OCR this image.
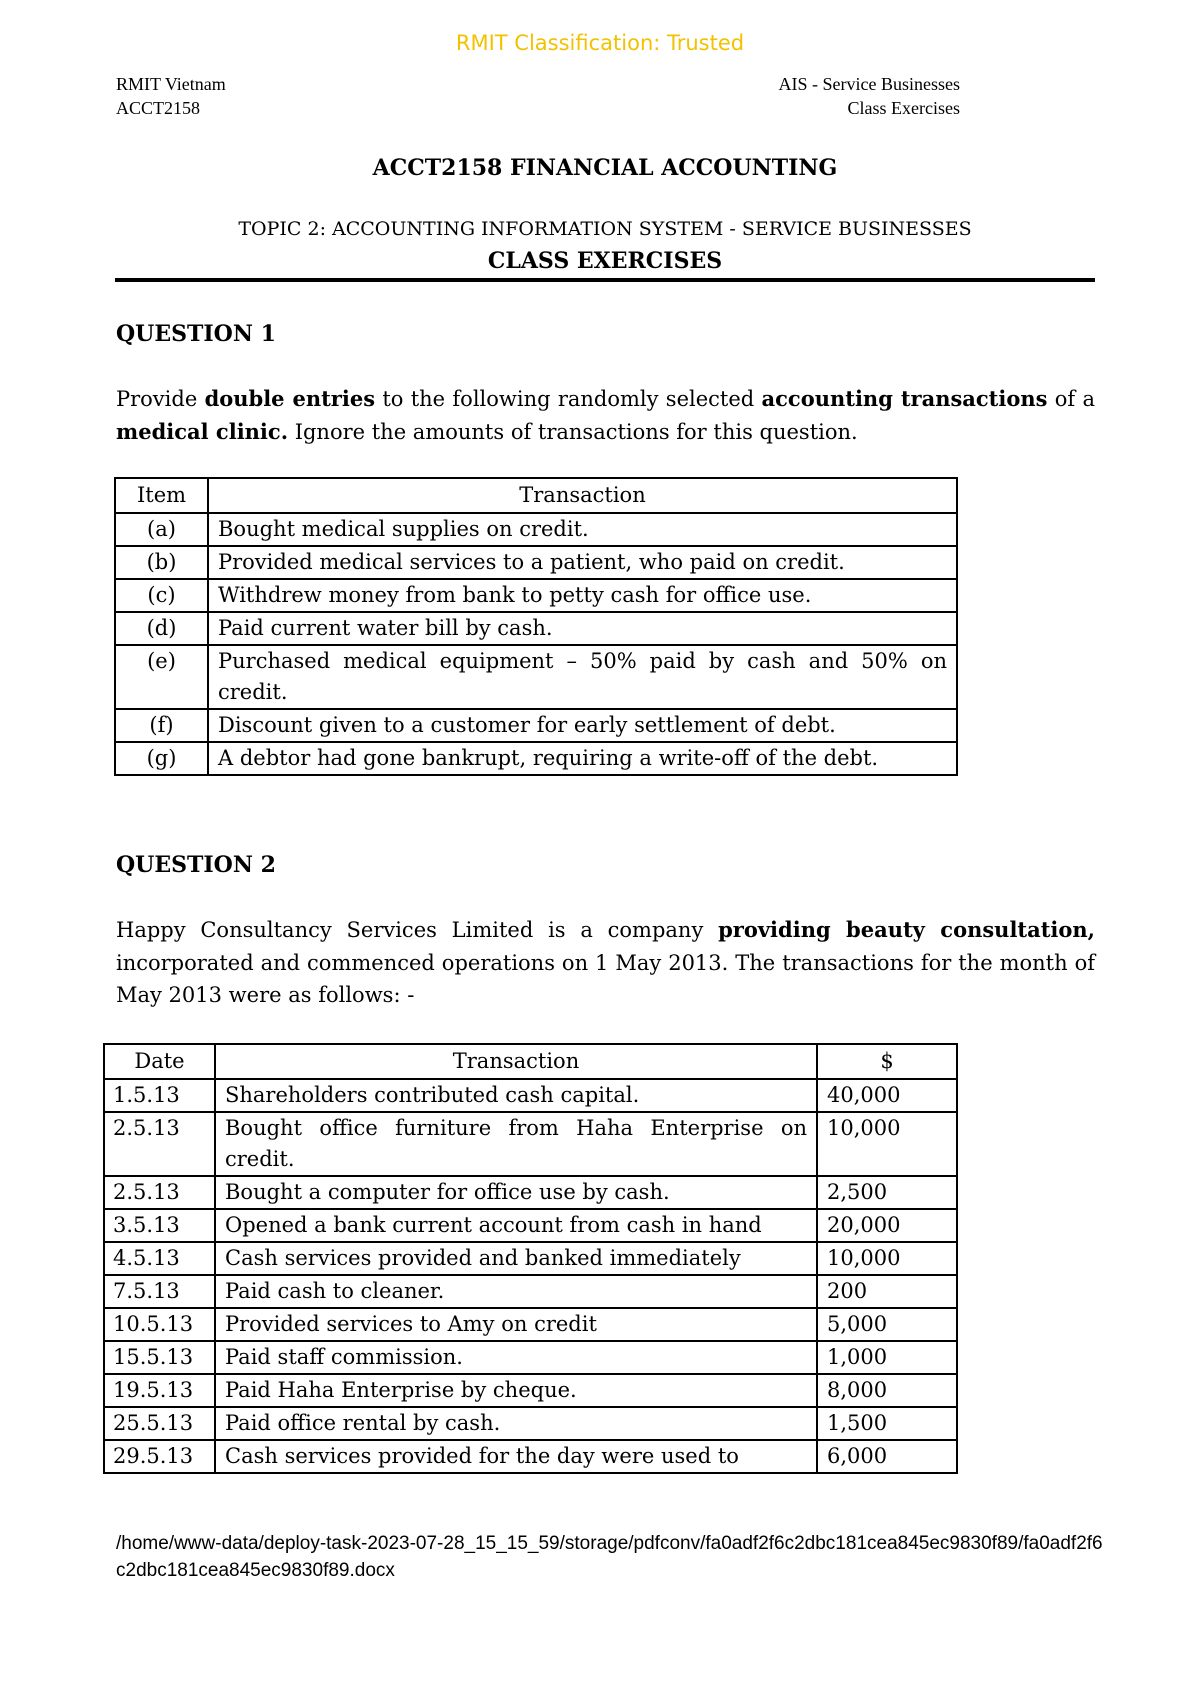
RMIT Classification: Trusted
RMIT Vietnam
ACCT2158
AIS - Service Businesses
Class Exercises
ACCT2158 FINANCIAL ACCOUNTING
TOPIC 2: ACCOUNTING INFORMATION SYSTEM - SERVICE BUSINESSES
CLASS EXERCISES
QUESTION 1
Provide double entries to the following randomly selected accounting transactions of a medical clinic. Ignore the amounts of transactions for this question.
Item	Transaction
(a)	Bought medical supplies on credit.
(b)	Provided medical services to a patient, who paid on credit.
(c)	Withdrew money from bank to petty cash for office use.
(d)	Paid current water bill by cash.
(e)	Purchased medical equipment – 50% paid by cash and 50% on credit.
(f)	Discount given to a customer for early settlement of debt.
(g)	A debtor had gone bankrupt, requiring a write-off of the debt.
QUESTION 2
Happy Consultancy Services Limited is a company providing beauty consultation, incorporated and commenced operations on 1 May 2013. The transactions for the month of May 2013 were as follows: -
Date	Transaction	$
1.5.13	Shareholders contributed cash capital.	40,000
2.5.13	Bought office furniture from Haha Enterprise on credit.	10,000
2.5.13	Bought a computer for office use by cash.	2,500
3.5.13	Opened a bank current account from cash in hand	20,000
4.5.13	Cash services provided and banked immediately	10,000
7.5.13	Paid cash to cleaner.	200
10.5.13	Provided services to Amy on credit	5,000
15.5.13	Paid staff commission.	1,000
19.5.13	Paid Haha Enterprise by cheque.	8,000
25.5.13	Paid office rental by cash.	1,500
29.5.13	Cash services provided for the day were used to	6,000
/home/www-data/deploy-task-2023-07-28_15_15_59/storage/pdfconv/fa0adf2f6c2dbc181cea845ec9830f89/fa0adf2f6c2dbc181cea845ec9830f89.docx
